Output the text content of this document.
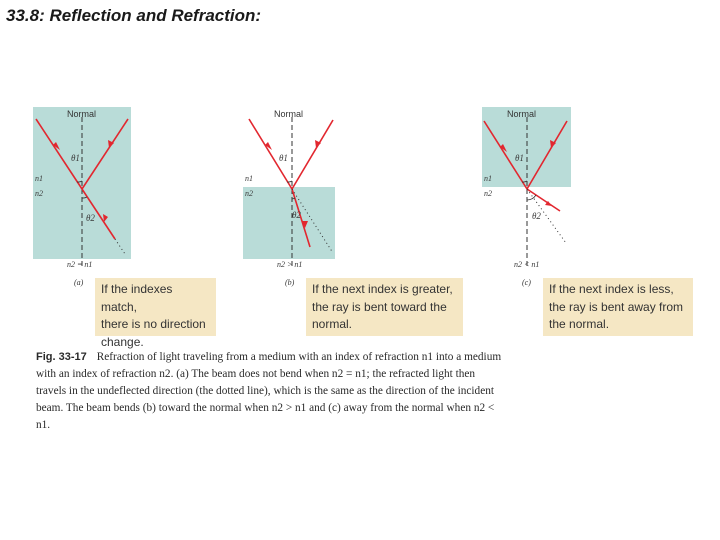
33.8: Reflection and Refraction:
Normal
n1
n2
θ1
θ2
n2 = n1
(a) If the indexes match,
there is no direction
change.
Normal
n1
n2
θ1
θ2
n2 > n1
(b) If the next index is greater,
the ray is bent toward the
normal.
Normal
n1
n2
θ1
θ2
n2 < n1
(c) If the next index is less,
the ray is bent away from
the normal.
Fig. 33-17 Refraction of light traveling from a medium with an index of refraction n1 into a medium with an index of refraction n2. (a) The beam does not bend when n2 = n1; the refracted light then travels in the undeflected direction (the dotted line), which is the same as the direction of the incident beam. The beam bends (b) toward the normal when n2 > n1 and (c) away from the normal when n2 < n1.
